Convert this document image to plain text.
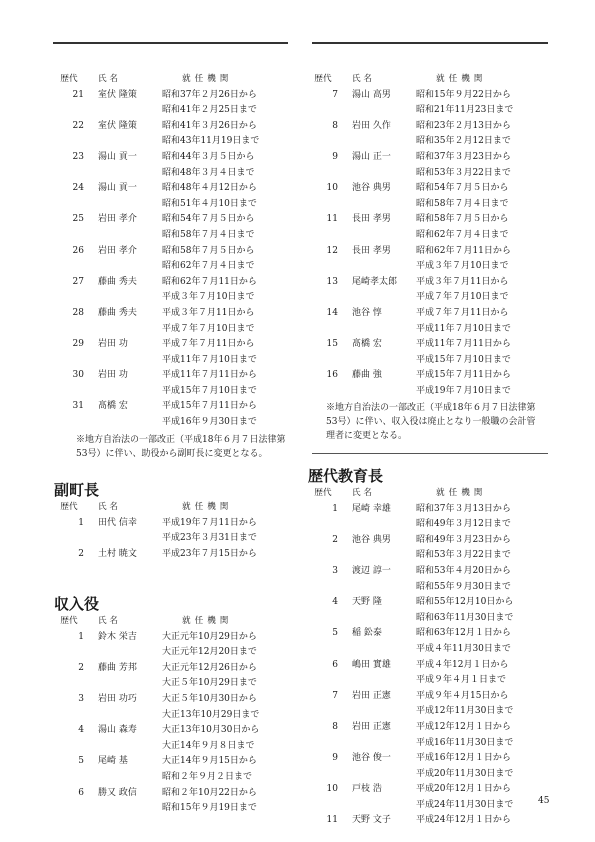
歴代	氏 名	就任機関
21	室伏 隆策	昭和37年２月26日から
昭和41年２月25日まで
22	室伏 隆策	昭和41年３月26日から
昭和43年11月19日まで
23	湯山 貢一	昭和44年３月５日から
昭和48年３月４日まで
24	湯山 貢一	昭和48年４月12日から
昭和51年４月10日まで
25	岩田 孝介	昭和54年７月５日から
昭和58年７月４日まで
26	岩田 孝介	昭和58年７月５日から
昭和62年７月４日まで
27	藤曲 秀夫	昭和62年７月11日から
平成３年７月10日まで
28	藤曲 秀夫	平成３年７月11日から
平成７年７月10日まで
29	岩田 功	平成７年７月11日から
平成11年７月10日まで
30	岩田 功	平成11年７月11日から
平成15年７月10日まで
31	髙橋 宏	平成15年７月11日から
平成16年９月30日まで
※地方自治法の一部改正（平成18年６月７日法律第53号）に伴い、助役から副町長に変更となる。
副町長
歴代	氏 名	就任機関
1	田代 信幸	平成19年７月11日から
平成23年３月31日まで
2	土村 暁文	平成23年７月15日から
収入役
歴代	氏 名	就任機関
1	鈴木 栄吉	大正元年10月29日から
大正元年12月20日まで
2	藤曲 芳邦	大正元年12月26日から
大正５年10月29日まで
3	岩田 功巧	大正５年10月30日から
大正13年10月29日まで
4	湯山 森寿	大正13年10月30日から
大正14年９月８日まで
5	尾崎 基	大正14年９月15日から
昭和２年９月２日まで
6	勝又 政信	昭和２年10月22日から
昭和15年９月19日まで
歴代	氏 名	就任機関
7	湯山 高男	昭和15年９月22日から
昭和21年11月23日まで
8	岩田 久作	昭和23年２月13日から
昭和35年２月12日まで
9	湯山 正一	昭和37年３月23日から
昭和53年３月22日まで
10	池谷 典男	昭和54年７月５日から
昭和58年７月４日まで
11	長田 孝男	昭和58年７月５日から
昭和62年７月４日まで
12	長田 孝男	昭和62年７月11日から
平成３年７月10日まで
13	尾崎孝太郎	平成３年７月11日から
平成７年７月10日まで
14	池谷 惇	平成７年７月11日から
平成11年７月10日まで
15	髙橋 宏	平成11年７月11日から
平成15年７月10日まで
16	藤曲 強	平成15年７月11日から
平成19年７月10日まで
※地方自治法の一部改正（平成18年６月７日法律第53号）に伴い、収入役は廃止となり一般職の会計管理者に変更となる。
歴代教育長
歴代	氏 名	就任機関
1	尾崎 幸雄	昭和37年３月13日から
昭和49年３月12日まで
2	池谷 典男	昭和49年３月23日から
昭和53年３月22日まで
3	渡辺 諄一	昭和53年４月20日から
昭和55年９月30日まで
4	天野 隆	昭和55年12月10日から
昭和63年11月30日まで
5	稲 鈆泰	昭和63年12月１日から
平成４年11月30日まで
6	嶋田 實雄	平成４年12月１日から
平成９年４月１日まで
7	岩田 正憲	平成９年４月15日から
平成12年11月30日まで
8	岩田 正憲	平成12年12月１日から
平成16年11月30日まで
9	池谷 俊一	平成16年12月１日から
平成20年11月30日まで
10	戸枝 浩	平成20年12月１日から
平成24年11月30日まで
11	天野 文子	平成24年12月１日から
45
